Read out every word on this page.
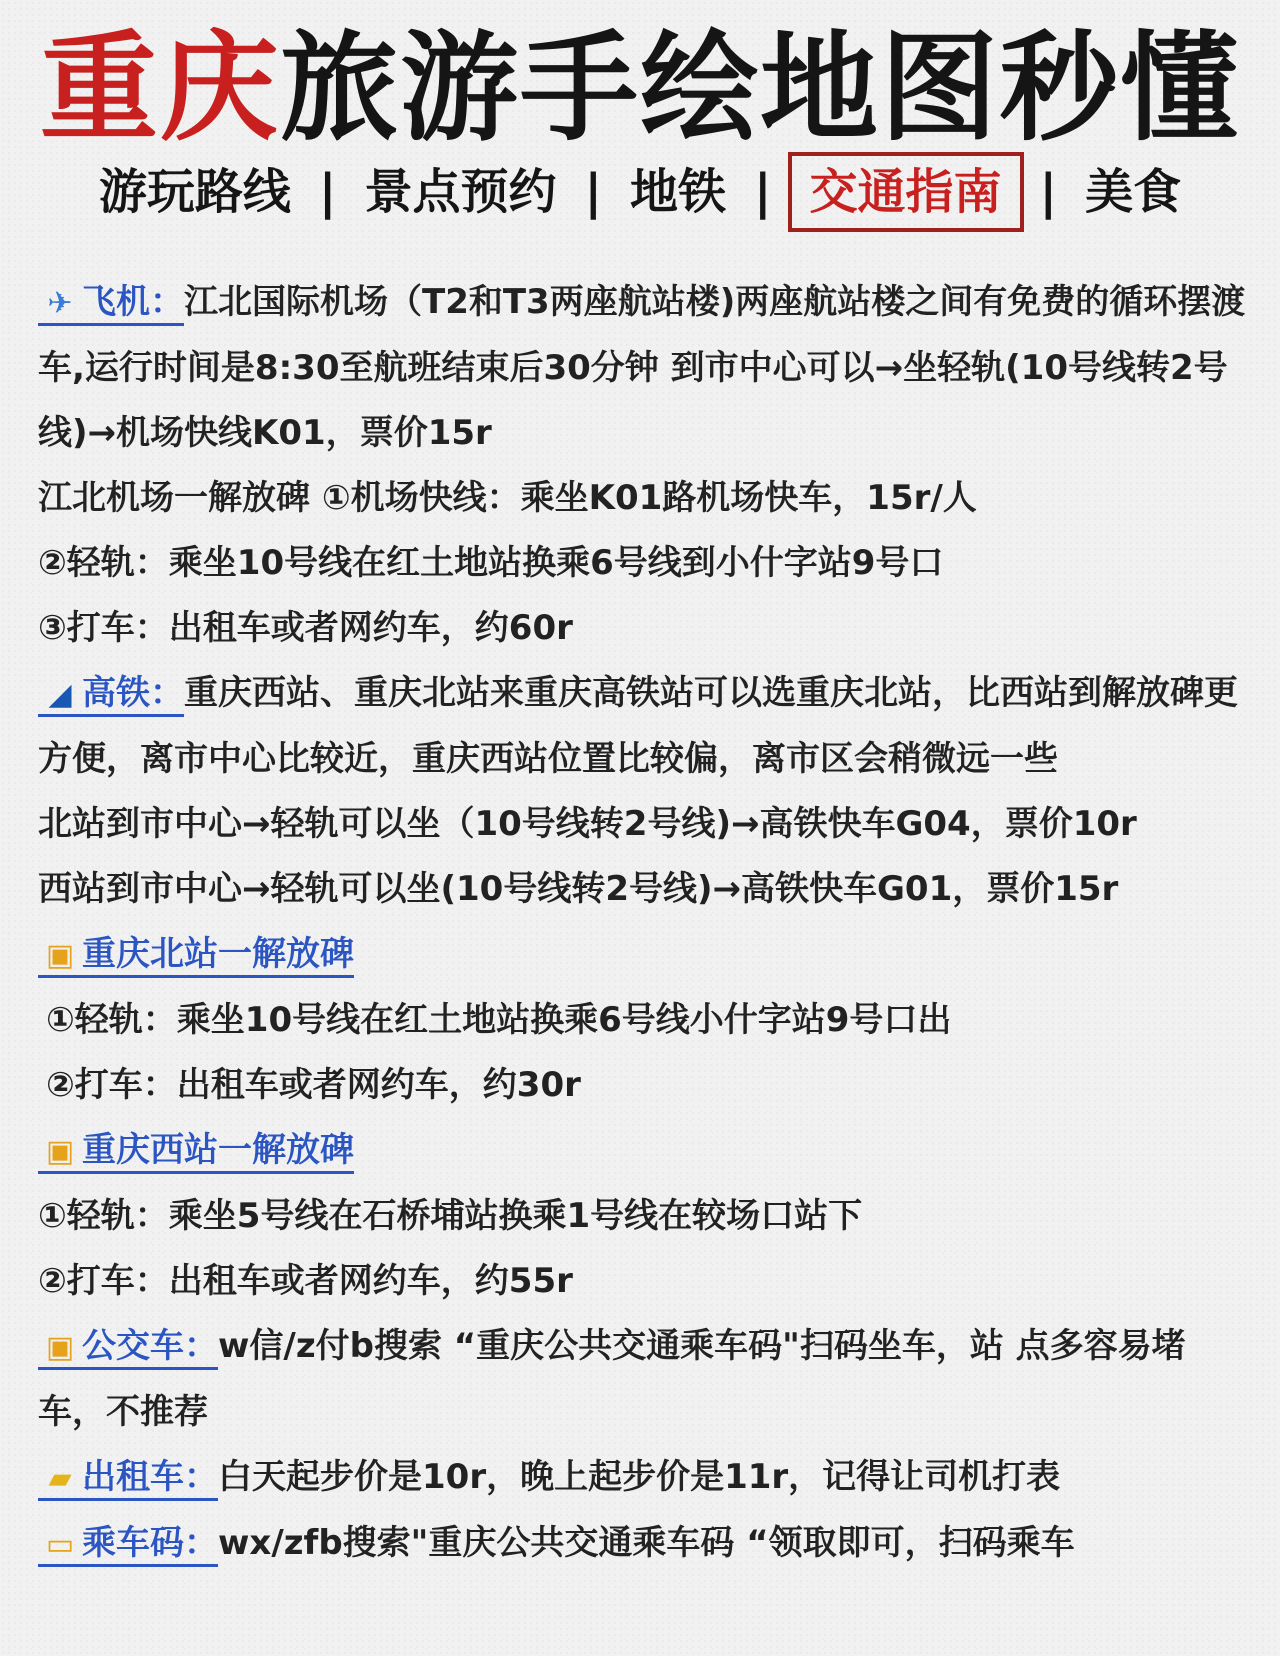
重庆旅游手绘地图秒懂
游玩路线 | 景点预约 | 地铁 | 交通指南 | 美食
✈ 飞机：江北国际机场（T2和T3两座航站楼)两座航站楼之间有免费的循环摆渡车,运行时间是8:30至航班结束后30分钟 到市中心可以→坐轻轨(10号线转2号线)→机场快线K01，票价15r
江北机场一解放碑 ①机场快线：乘坐K01路机场快车，15r/人
②轻轨：乘坐10号线在红土地站换乘6号线到小什字站9号口
③打车：出租车或者网约车，约60r
◢ 高铁：重庆西站、重庆北站来重庆高铁站可以选重庆北站，比西站到解放碑更方便，离市中心比较近，重庆西站位置比较偏，离市区会稍微远一些
北站到市中心→轻轨可以坐（10号线转2号线)→高铁快车G04，票价10r
西站到市中心→轻轨可以坐(10号线转2号线)→高铁快车G01，票价15r
▣ 重庆北站一解放碑
①轻轨：乘坐10号线在红土地站换乘6号线小什字站9号口出
②打车：出租车或者网约车，约30r
▣ 重庆西站一解放碑
①轻轨：乘坐5号线在石桥埔站换乘1号线在较场口站下
②打车：出租车或者网约车，约55r
▣ 公交车：w信/z付b搜索 “重庆公共交通乘车码"扫码坐车，站 点多容易堵车，不推荐
▰ 出租车：白天起步价是10r，晚上起步价是11r，记得让司机打表
▭ 乘车码：wx/zfb搜索"重庆公共交通乘车码 “领取即可，扫码乘车
